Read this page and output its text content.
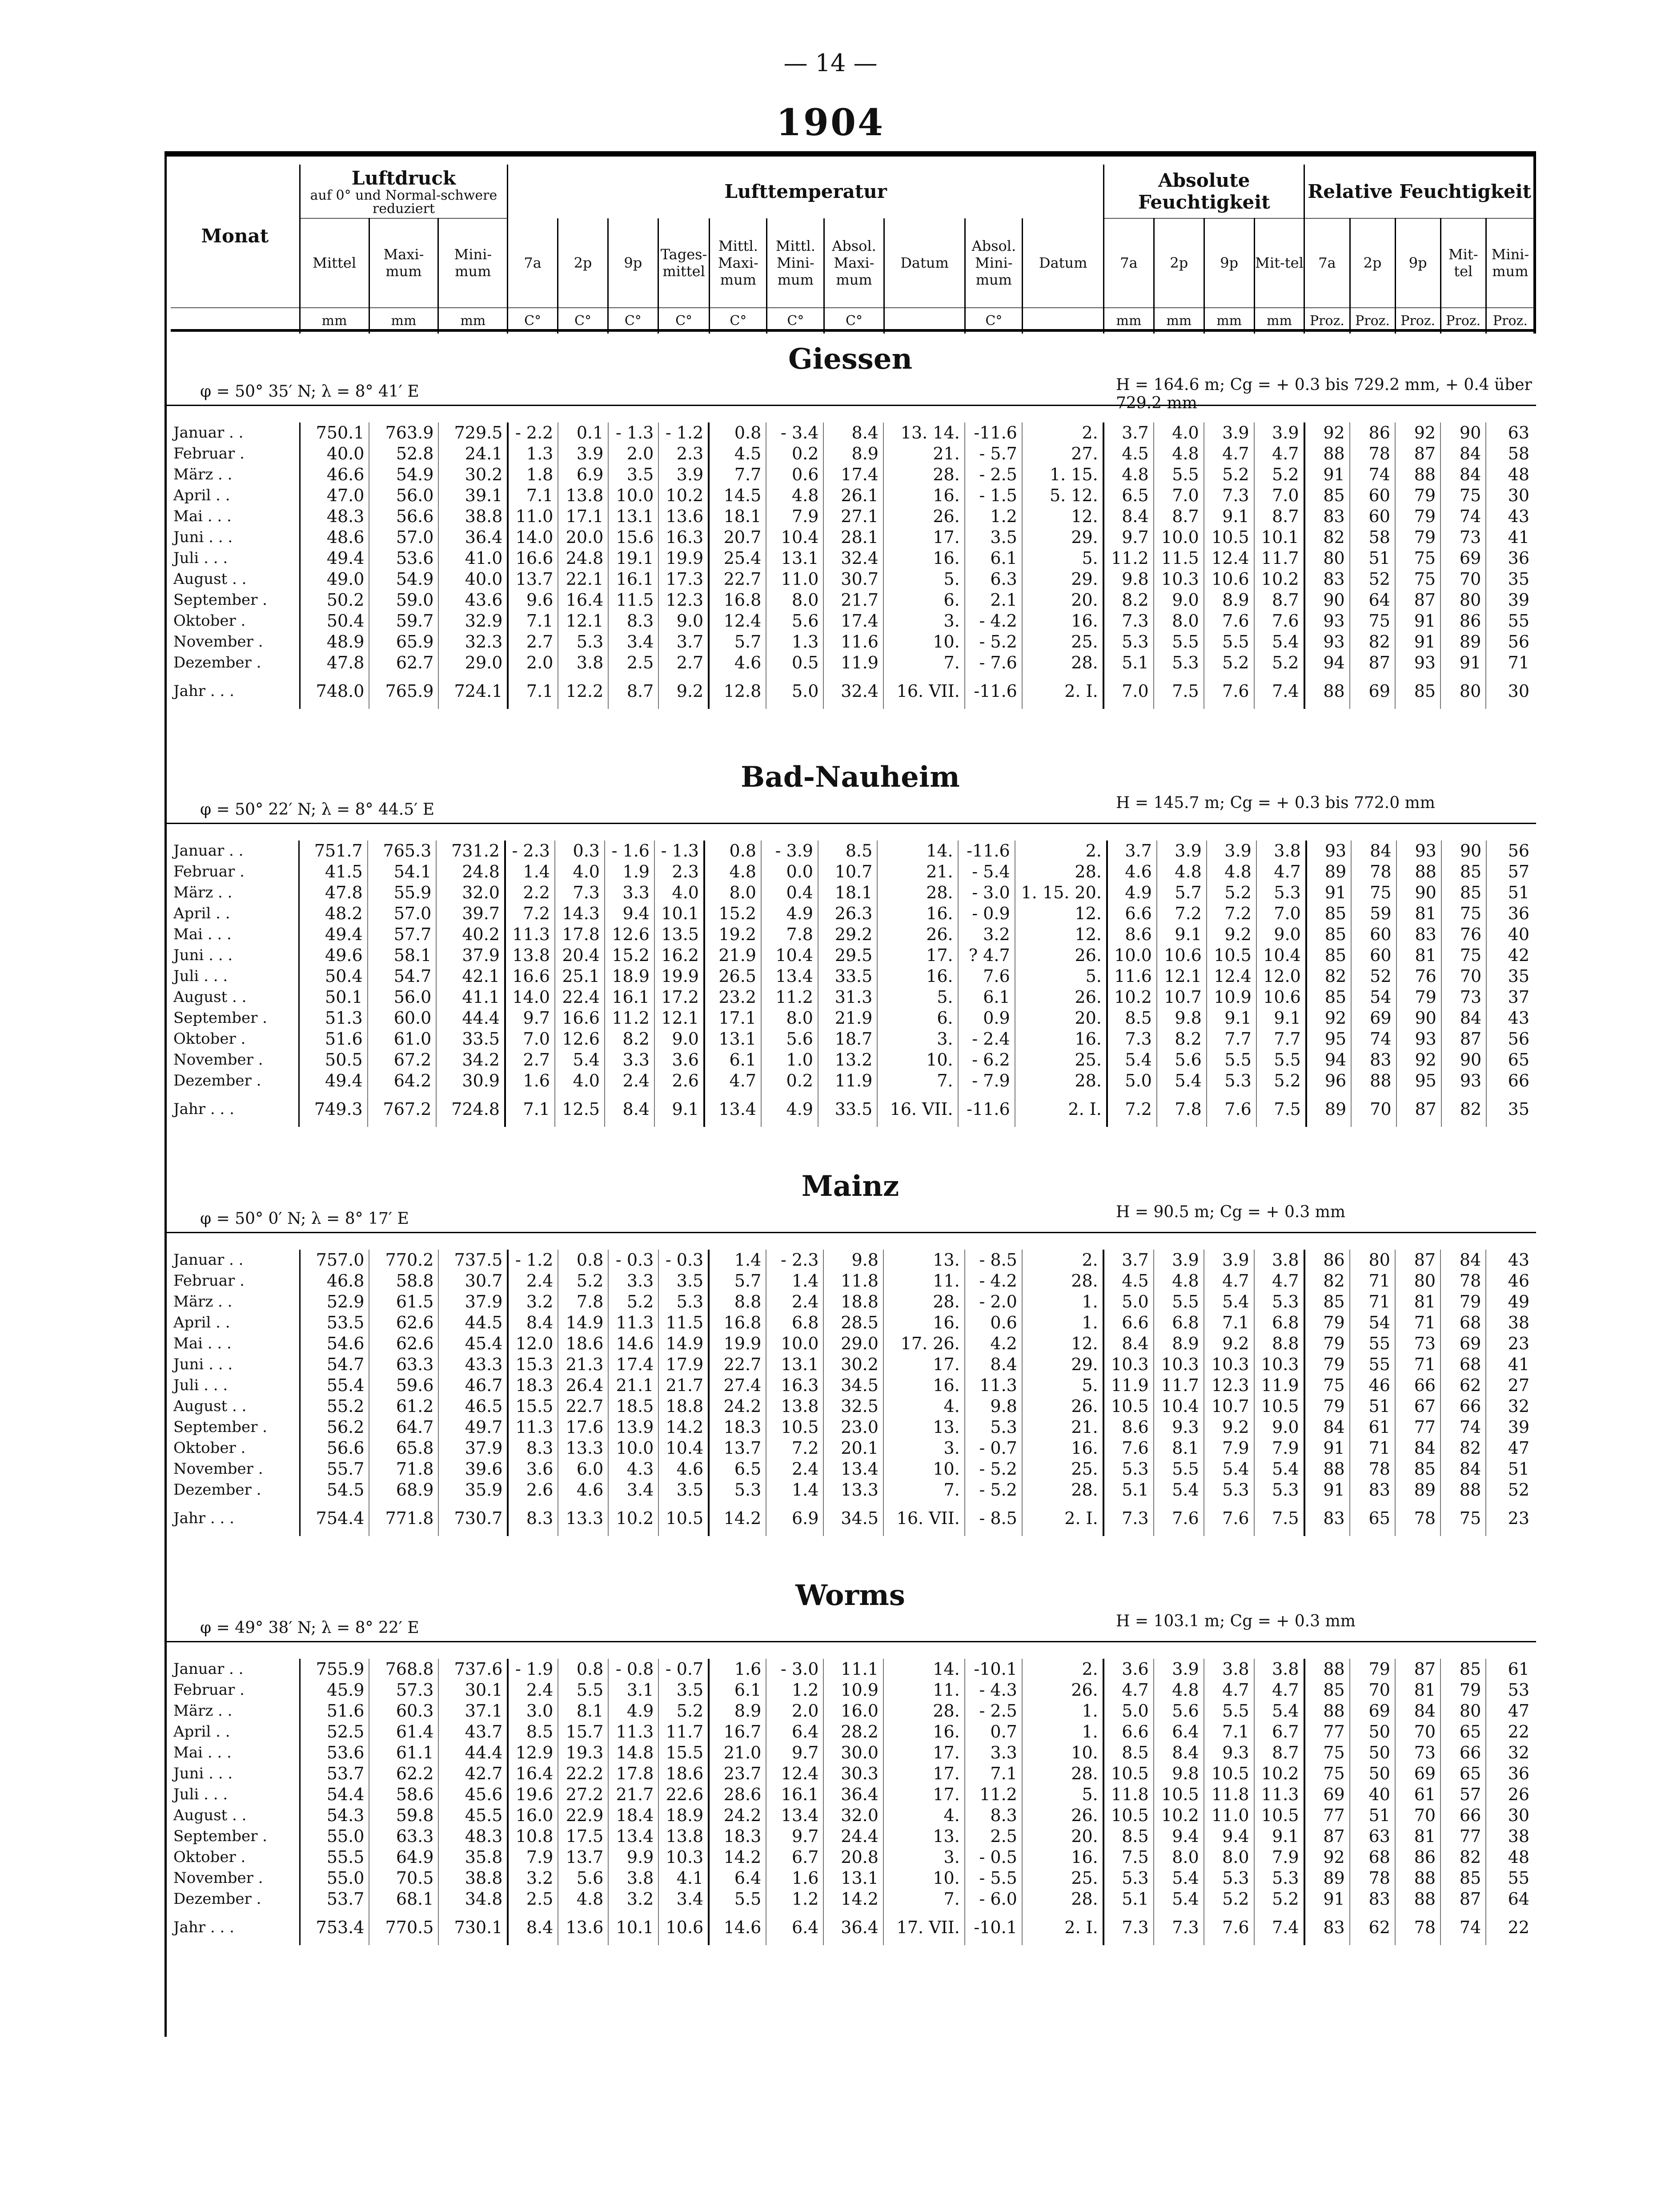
— 14 —
1904
Monat	Luftdruck
auf 0° und Normal-schwere reduziert			Lufttemperatur										Absolute Feuchtigkeit				Relative Feuchtigkeit				
	Mittel	Maxi-mum	Mini-mum	7a	2p	9p	Tages-mittel	Mittl. Maxi-mum	Mittl. Mini-mum	Absol. Maxi-mum	Datum	Absol. Mini-mum	Datum	7a	2p	9p	Mit-tel	7a	2p	9p	Mit-tel	Mini-mum
	mm	mm	mm	C°	C°	C°	C°	C°	C°	C°		C°		mm	mm	mm	mm	Proz.	Proz.	Proz.	Proz.	Proz.
Giessen
φ = 50° 35′ N; λ = 8° 41′ E	H = 164.6 m; Cg = + 0.3 bis 729.2 mm, + 0.4 über 729.2 mm
Januar . .	750.1	763.9	729.5	- 2.2	0.1	- 1.3	- 1.2	0.8	- 3.4	8.4	13. 14.	-11.6	2.	3.7	4.0	3.9	3.9	92	86	92	90	63
Februar .	40.0	52.8	24.1	1.3	3.9	2.0	2.3	4.5	0.2	8.9	21.	- 5.7	27.	4.5	4.8	4.7	4.7	88	78	87	84	58
März . .	46.6	54.9	30.2	1.8	6.9	3.5	3.9	7.7	0.6	17.4	28.	- 2.5	1. 15.	4.8	5.5	5.2	5.2	91	74	88	84	48
April . .	47.0	56.0	39.1	7.1	13.8	10.0	10.2	14.5	4.8	26.1	16.	- 1.5	5. 12.	6.5	7.0	7.3	7.0	85	60	79	75	30
Mai . . .	48.3	56.6	38.8	11.0	17.1	13.1	13.6	18.1	7.9	27.1	26.	1.2	12.	8.4	8.7	9.1	8.7	83	60	79	74	43
Juni . . .	48.6	57.0	36.4	14.0	20.0	15.6	16.3	20.7	10.4	28.1	17.	3.5	29.	9.7	10.0	10.5	10.1	82	58	79	73	41
Juli . . .	49.4	53.6	41.0	16.6	24.8	19.1	19.9	25.4	13.1	32.4	16.	6.1	5.	11.2	11.5	12.4	11.7	80	51	75	69	36
August . .	49.0	54.9	40.0	13.7	22.1	16.1	17.3	22.7	11.0	30.7	5.	6.3	29.	9.8	10.3	10.6	10.2	83	52	75	70	35
September .	50.2	59.0	43.6	9.6	16.4	11.5	12.3	16.8	8.0	21.7	6.	2.1	20.	8.2	9.0	8.9	8.7	90	64	87	80	39
Oktober .	50.4	59.7	32.9	7.1	12.1	8.3	9.0	12.4	5.6	17.4	3.	- 4.2	16.	7.3	8.0	7.6	7.6	93	75	91	86	55
November .	48.9	65.9	32.3	2.7	5.3	3.4	3.7	5.7	1.3	11.6	10.	- 5.2	25.	5.3	5.5	5.5	5.4	93	82	91	89	56
Dezember .	47.8	62.7	29.0	2.0	3.8	2.5	2.7	4.6	0.5	11.9	7.	- 7.6	28.	5.1	5.3	5.2	5.2	94	87	93	91	71
Jahr . . .	748.0	765.9	724.1	7.1	12.2	8.7	9.2	12.8	5.0	32.4	16. VII.	-11.6	2. I.	7.0	7.5	7.6	7.4	88	69	85	80	30
Bad-Nauheim
φ = 50° 22′ N; λ = 8° 44.5′ E	H = 145.7 m; Cg = + 0.3 bis 772.0 mm
Januar . .	751.7	765.3	731.2	- 2.3	0.3	- 1.6	- 1.3	0.8	- 3.9	8.5	14.	-11.6	2.	3.7	3.9	3.9	3.8	93	84	93	90	56
Februar .	41.5	54.1	24.8	1.4	4.0	1.9	2.3	4.8	0.0	10.7	21.	- 5.4	28.	4.6	4.8	4.8	4.7	89	78	88	85	57
März . .	47.8	55.9	32.0	2.2	7.3	3.3	4.0	8.0	0.4	18.1	28.	- 3.0	1. 15. 20.	4.9	5.7	5.2	5.3	91	75	90	85	51
April . .	48.2	57.0	39.7	7.2	14.3	9.4	10.1	15.2	4.9	26.3	16.	- 0.9	12.	6.6	7.2	7.2	7.0	85	59	81	75	36
Mai . . .	49.4	57.7	40.2	11.3	17.8	12.6	13.5	19.2	7.8	29.2	26.	3.2	12.	8.6	9.1	9.2	9.0	85	60	83	76	40
Juni . . .	49.6	58.1	37.9	13.8	20.4	15.2	16.2	21.9	10.4	29.5	17.	? 4.7	26.	10.0	10.6	10.5	10.4	85	60	81	75	42
Juli . . .	50.4	54.7	42.1	16.6	25.1	18.9	19.9	26.5	13.4	33.5	16.	7.6	5.	11.6	12.1	12.4	12.0	82	52	76	70	35
August . .	50.1	56.0	41.1	14.0	22.4	16.1	17.2	23.2	11.2	31.3	5.	6.1	26.	10.2	10.7	10.9	10.6	85	54	79	73	37
September .	51.3	60.0	44.4	9.7	16.6	11.2	12.1	17.1	8.0	21.9	6.	0.9	20.	8.5	9.8	9.1	9.1	92	69	90	84	43
Oktober .	51.6	61.0	33.5	7.0	12.6	8.2	9.0	13.1	5.6	18.7	3.	- 2.4	16.	7.3	8.2	7.7	7.7	95	74	93	87	56
November .	50.5	67.2	34.2	2.7	5.4	3.3	3.6	6.1	1.0	13.2	10.	- 6.2	25.	5.4	5.6	5.5	5.5	94	83	92	90	65
Dezember .	49.4	64.2	30.9	1.6	4.0	2.4	2.6	4.7	0.2	11.9	7.	- 7.9	28.	5.0	5.4	5.3	5.2	96	88	95	93	66
Jahr . . .	749.3	767.2	724.8	7.1	12.5	8.4	9.1	13.4	4.9	33.5	16. VII.	-11.6	2. I.	7.2	7.8	7.6	7.5	89	70	87	82	35
Mainz
φ = 50° 0′ N; λ = 8° 17′ E	H = 90.5 m; Cg = + 0.3 mm
Januar . .	757.0	770.2	737.5	- 1.2	0.8	- 0.3	- 0.3	1.4	- 2.3	9.8	13.	- 8.5	2.	3.7	3.9	3.9	3.8	86	80	87	84	43
Februar .	46.8	58.8	30.7	2.4	5.2	3.3	3.5	5.7	1.4	11.8	11.	- 4.2	28.	4.5	4.8	4.7	4.7	82	71	80	78	46
März . .	52.9	61.5	37.9	3.2	7.8	5.2	5.3	8.8	2.4	18.8	28.	- 2.0	1.	5.0	5.5	5.4	5.3	85	71	81	79	49
April . .	53.5	62.6	44.5	8.4	14.9	11.3	11.5	16.8	6.8	28.5	16.	0.6	1.	6.6	6.8	7.1	6.8	79	54	71	68	38
Mai . . .	54.6	62.6	45.4	12.0	18.6	14.6	14.9	19.9	10.0	29.0	17. 26.	4.2	12.	8.4	8.9	9.2	8.8	79	55	73	69	23
Juni . . .	54.7	63.3	43.3	15.3	21.3	17.4	17.9	22.7	13.1	30.2	17.	8.4	29.	10.3	10.3	10.3	10.3	79	55	71	68	41
Juli . . .	55.4	59.6	46.7	18.3	26.4	21.1	21.7	27.4	16.3	34.5	16.	11.3	5.	11.9	11.7	12.3	11.9	75	46	66	62	27
August . .	55.2	61.2	46.5	15.5	22.7	18.5	18.8	24.2	13.8	32.5	4.	9.8	26.	10.5	10.4	10.7	10.5	79	51	67	66	32
September .	56.2	64.7	49.7	11.3	17.6	13.9	14.2	18.3	10.5	23.0	13.	5.3	21.	8.6	9.3	9.2	9.0	84	61	77	74	39
Oktober .	56.6	65.8	37.9	8.3	13.3	10.0	10.4	13.7	7.2	20.1	3.	- 0.7	16.	7.6	8.1	7.9	7.9	91	71	84	82	47
November .	55.7	71.8	39.6	3.6	6.0	4.3	4.6	6.5	2.4	13.4	10.	- 5.2	25.	5.3	5.5	5.4	5.4	88	78	85	84	51
Dezember .	54.5	68.9	35.9	2.6	4.6	3.4	3.5	5.3	1.4	13.3	7.	- 5.2	28.	5.1	5.4	5.3	5.3	91	83	89	88	52
Jahr . . .	754.4	771.8	730.7	8.3	13.3	10.2	10.5	14.2	6.9	34.5	16. VII.	- 8.5	2. I.	7.3	7.6	7.6	7.5	83	65	78	75	23
Worms
φ = 49° 38′ N; λ = 8° 22′ E	H = 103.1 m; Cg = + 0.3 mm
Januar . .	755.9	768.8	737.6	- 1.9	0.8	- 0.8	- 0.7	1.6	- 3.0	11.1	14.	-10.1	2.	3.6	3.9	3.8	3.8	88	79	87	85	61
Februar .	45.9	57.3	30.1	2.4	5.5	3.1	3.5	6.1	1.2	10.9	11.	- 4.3	26.	4.7	4.8	4.7	4.7	85	70	81	79	53
März . .	51.6	60.3	37.1	3.0	8.1	4.9	5.2	8.9	2.0	16.0	28.	- 2.5	1.	5.0	5.6	5.5	5.4	88	69	84	80	47
April . .	52.5	61.4	43.7	8.5	15.7	11.3	11.7	16.7	6.4	28.2	16.	0.7	1.	6.6	6.4	7.1	6.7	77	50	70	65	22
Mai . . .	53.6	61.1	44.4	12.9	19.3	14.8	15.5	21.0	9.7	30.0	17.	3.3	10.	8.5	8.4	9.3	8.7	75	50	73	66	32
Juni . . .	53.7	62.2	42.7	16.4	22.2	17.8	18.6	23.7	12.4	30.3	17.	7.1	28.	10.5	9.8	10.5	10.2	75	50	69	65	36
Juli . . .	54.4	58.6	45.6	19.6	27.2	21.7	22.6	28.6	16.1	36.4	17.	11.2	5.	11.8	10.5	11.8	11.3	69	40	61	57	26
August . .	54.3	59.8	45.5	16.0	22.9	18.4	18.9	24.2	13.4	32.0	4.	8.3	26.	10.5	10.2	11.0	10.5	77	51	70	66	30
September .	55.0	63.3	48.3	10.8	17.5	13.4	13.8	18.3	9.7	24.4	13.	2.5	20.	8.5	9.4	9.4	9.1	87	63	81	77	38
Oktober .	55.5	64.9	35.8	7.9	13.7	9.9	10.3	14.2	6.7	20.8	3.	- 0.5	16.	7.5	8.0	8.0	7.9	92	68	86	82	48
November .	55.0	70.5	38.8	3.2	5.6	3.8	4.1	6.4	1.6	13.1	10.	- 5.5	25.	5.3	5.4	5.3	5.3	89	78	88	85	55
Dezember .	53.7	68.1	34.8	2.5	4.8	3.2	3.4	5.5	1.2	14.2	7.	- 6.0	28.	5.1	5.4	5.2	5.2	91	83	88	87	64
Jahr . . .	753.4	770.5	730.1	8.4	13.6	10.1	10.6	14.6	6.4	36.4	17. VII.	-10.1	2. I.	7.3	7.3	7.6	7.4	83	62	78	74	22
